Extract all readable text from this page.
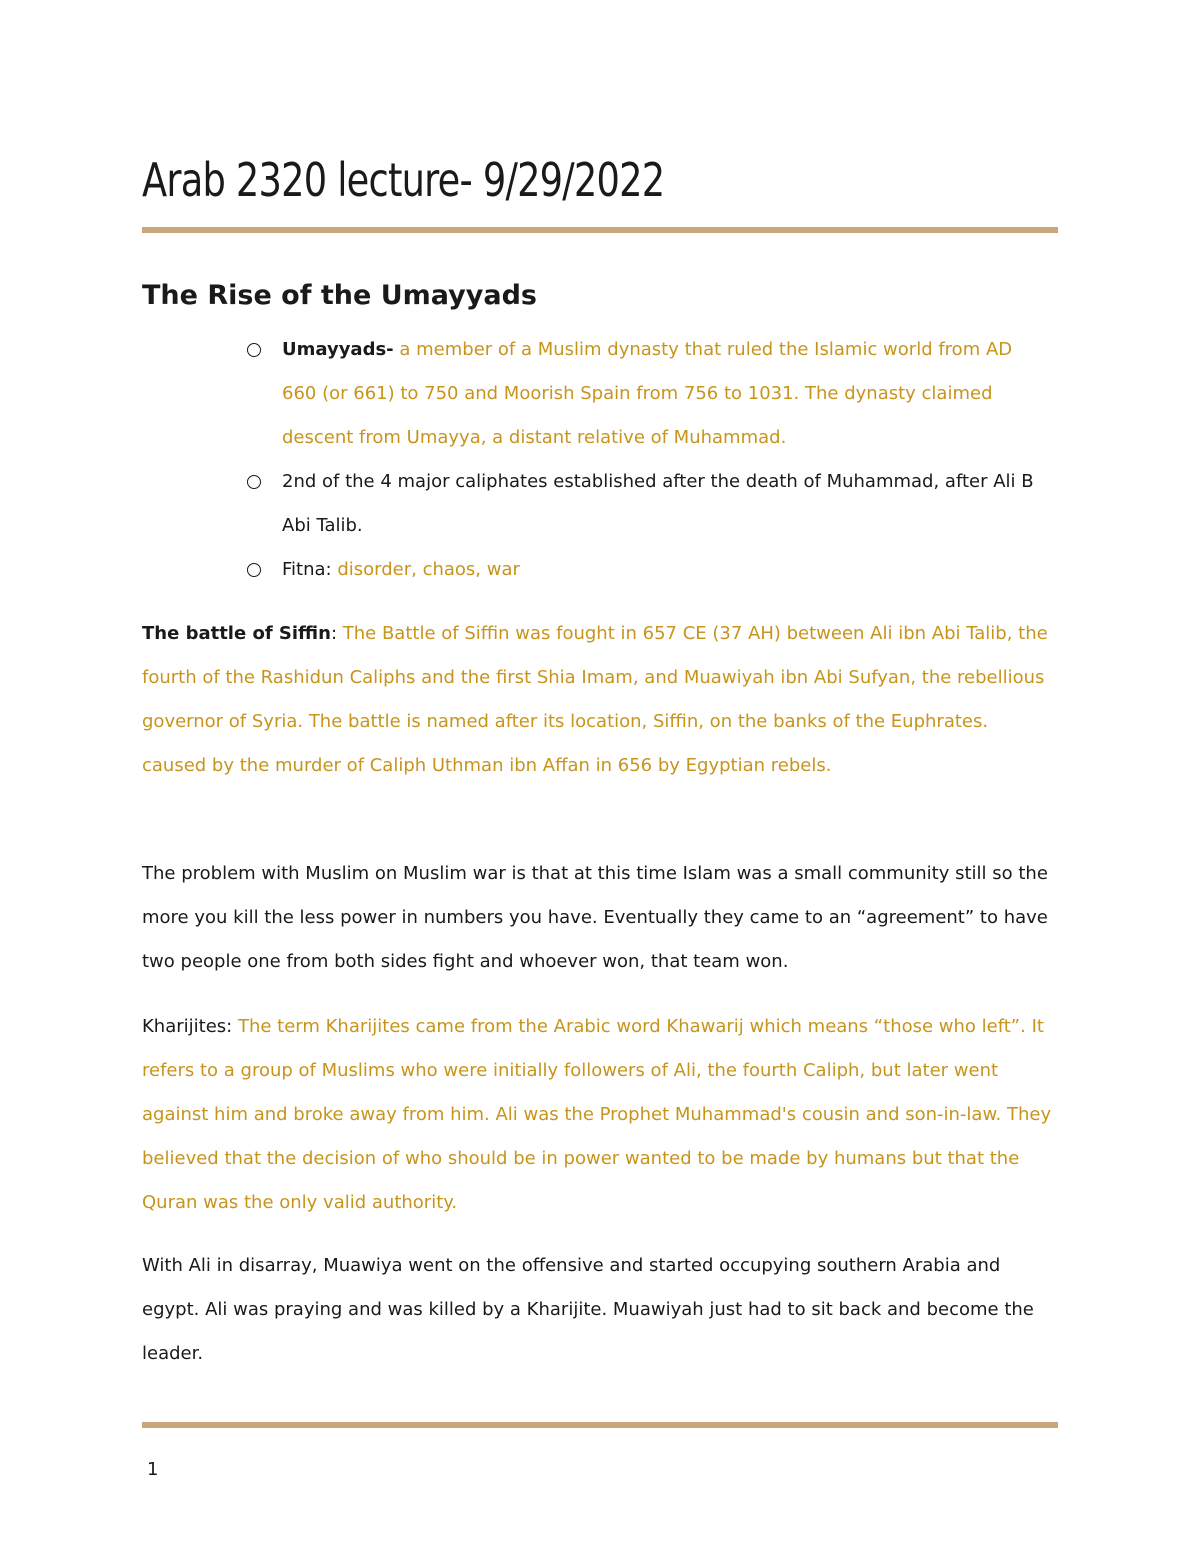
Arab 2320 lecture- 9/29/2022
The Rise of the Umayyads
Umayyads- a member of a Muslim dynasty that ruled the Islamic world from AD 660 (or 661) to 750 and Moorish Spain from 756 to 1031. The dynasty claimed descent from Umayya, a distant relative of Muhammad.
2nd of the 4 major caliphates established after the death of Muhammad, after Ali B Abi Talib.
Fitna: disorder, chaos, war

The battle of Siffin: The Battle of Siffin was fought in 657 CE (37 AH) between Ali ibn Abi Talib, the fourth of the Rashidun Caliphs and the first Shia Imam, and Muawiyah ibn Abi Sufyan, the rebellious governor of Syria. The battle is named after its location, Siffin, on the banks of the Euphrates. caused by the murder of Caliph Uthman ibn Affan in 656 by Egyptian rebels.

The problem with Muslim on Muslim war is that at this time Islam was a small community still so the more you kill the less power in numbers you have. Eventually they came to an “agreement” to have two people one from both sides fight and whoever won, that team won.

Kharijites: The term Kharijites came from the Arabic word Khawarij which means “those who left”. It refers to a group of Muslims who were initially followers of Ali, the fourth Caliph, but later went against him and broke away from him. Ali was the Prophet Muhammad's cousin and son-in-law. They believed that the decision of who should be in power wanted to be made by humans but that the Quran was the only valid authority.

With Ali in disarray, Muawiya went on the offensive and started occupying southern Arabia and egypt. Ali was praying and was killed by a Kharijite. Muawiyah just had to sit back and become the leader.

1
